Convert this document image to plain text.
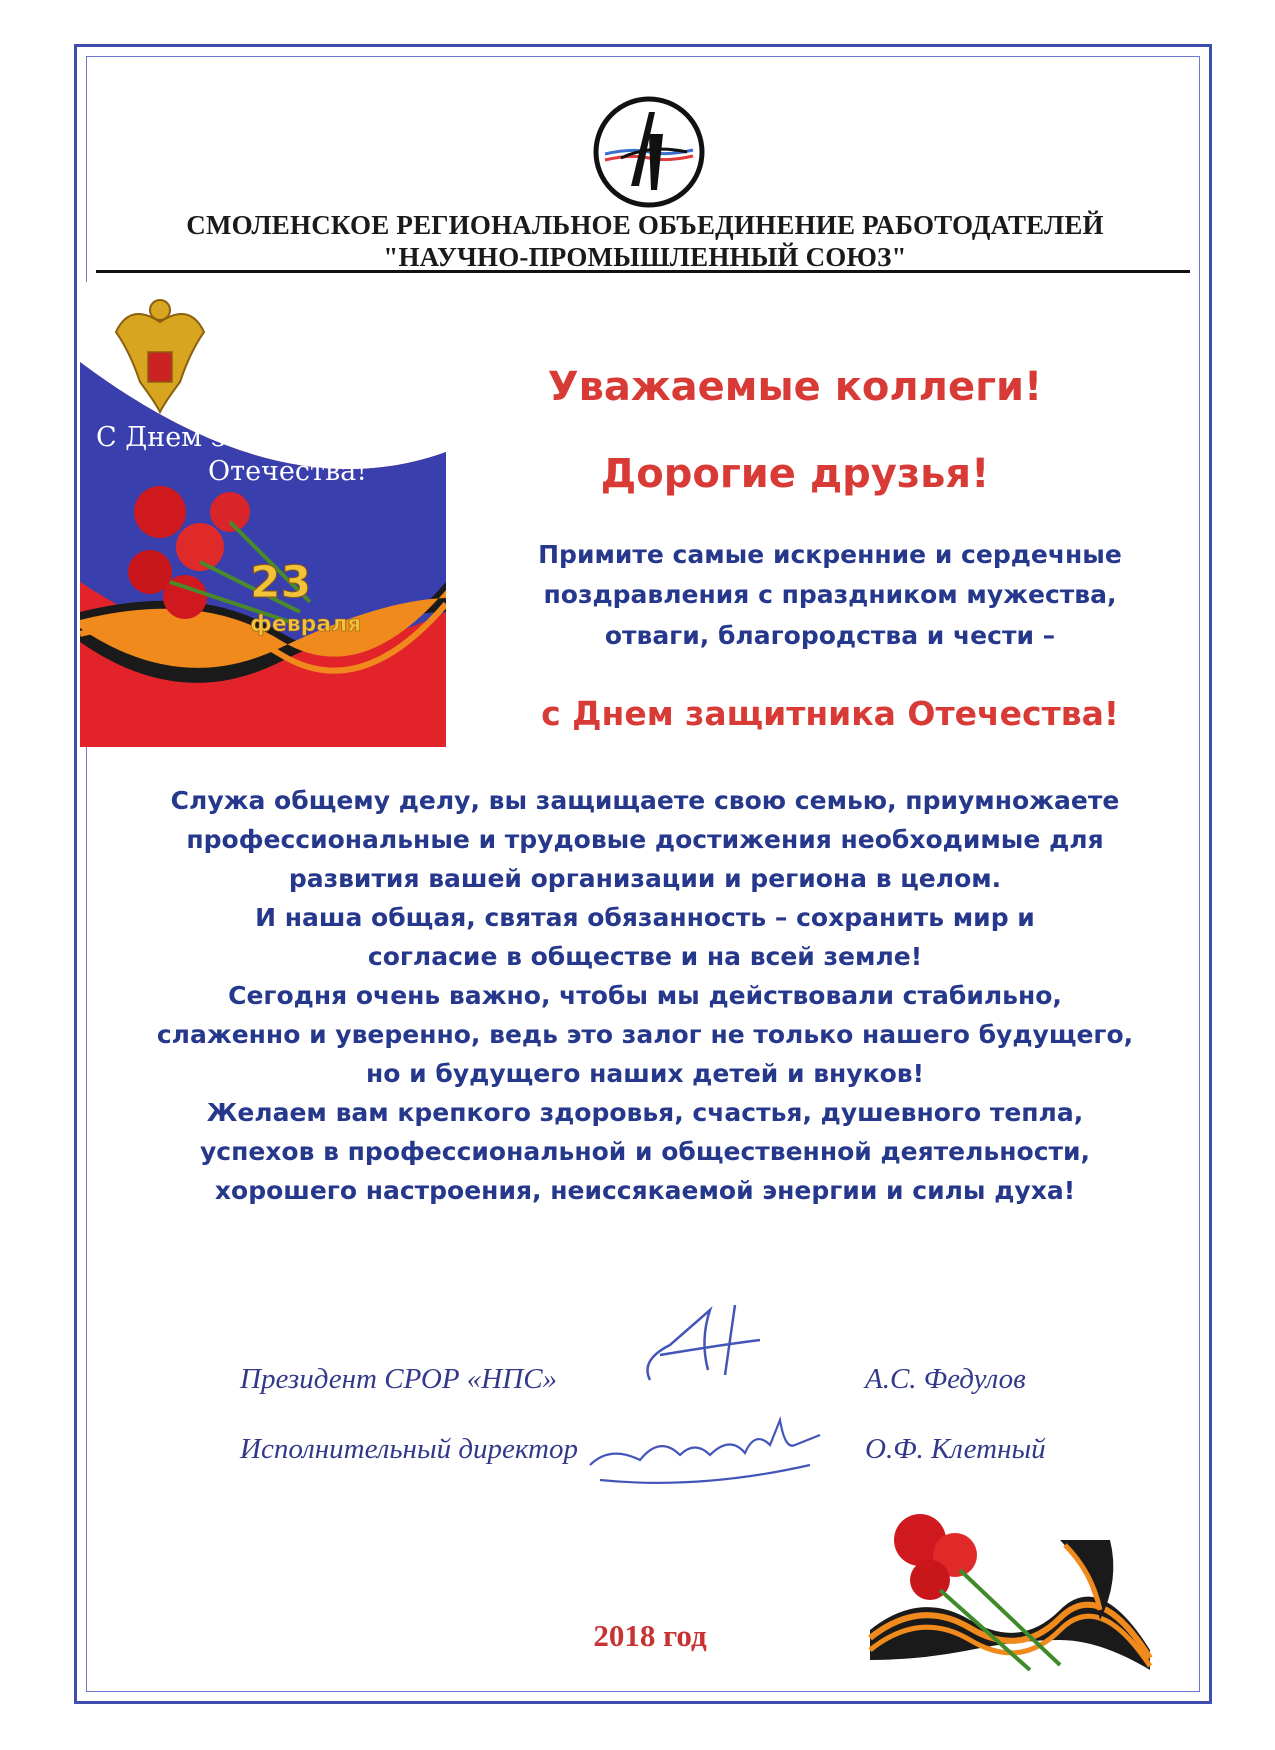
СМОЛЕНСКОЕ РЕГИОНАЛЬНОЕ ОБЪЕДИНЕНИЕ РАБОТОДАТЕЛЕЙ
"НАУЧНО-ПРОМЫШЛЕННЫЙ СОЮЗ"
С Днем защитника
Отечества!
23
февраля
Уважаемые коллеги!
Дорогие друзья!
Примите самые искренние и сердечные
поздравления с праздником мужества,
отваги, благородства и чести –
с Днем защитника Отечества!
Служа общему делу, вы защищаете свою семью, приумножаете
профессиональные и трудовые достижения необходимые для
развития вашей организации и региона в целом.
И наша общая, святая обязанность – сохранить мир и
согласие в обществе и на всей земле!
Сегодня очень важно, чтобы мы действовали стабильно,
слаженно и уверенно, ведь это залог не только нашего будущего,
но и будущего наших детей и внуков!
Желаем вам крепкого здоровья, счастья, душевного тепла,
успехов в профессиональной и общественной деятельности,
хорошего настроения, неиссякаемой энергии и силы духа!
Президент СРОР «НПС»	А.С. Федулов
Исполнительный директор	О.Ф. Клетный
2018 год
